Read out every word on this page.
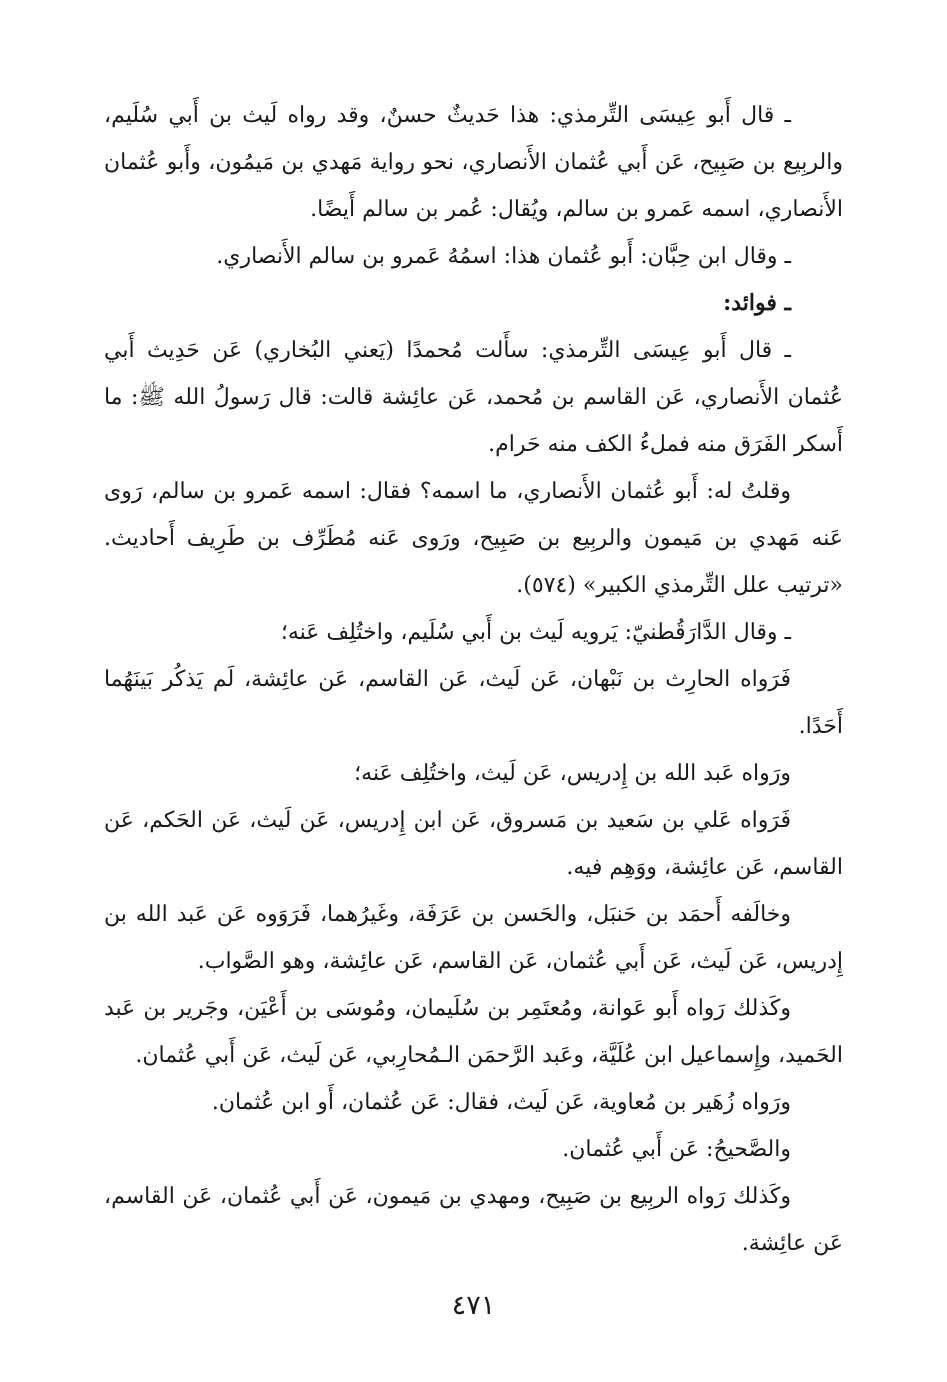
ـ قال أَبو عِيسَى التِّرمذي: هذا حَديثٌ حسنٌ، وقد رواه لَيث بن أَبي سُلَيم، والربِيع بن صَبِيح، عَن أَبي عُثمان الأَنصاري، نحو رواية مَهدي بن مَيمُون، وأَبو عُثمان الأَنصاري، اسمه عَمرو بن سالم، ويُقال: عُمر بن سالم أَيضًا.

ـ وقال ابن حِبَّان: أَبو عُثمان هذا: اسمُهُ عَمرو بن سالم الأَنصاري.

ـ فوائد:

ـ قال أَبو عِيسَى التِّرمذي: سأَلت مُحمدًا (يَعني البُخاري) عَن حَدِيث أَبي عُثمان الأَنصاري، عَن القاسم بن مُحمد، عَن عائِشة قالت: قال رَسولُ الله ﷺ: ما أَسكر الفَرَق منه فملءُ الكف منه حَرام.

وقلتُ له: أَبو عُثمان الأَنصاري، ما اسمه؟ فقال: اسمه عَمرو بن سالم، رَوى عَنه مَهدي بن مَيمون والربِيع بن صَبِيح، ورَوى عَنه مُطَرِّف بن طَرِيف أَحاديث. «ترتيب علل التِّرمذي الكبير» (٥٧٤).

ـ وقال الدَّارَقُطنيّ: يَرويه لَيث بن أَبي سُلَيم، واختُلِف عَنه؛

فَرَواه الحارِث بن نَبْهان، عَن لَيث، عَن القاسم، عَن عائِشة، لَم يَذكُر بَينَهُما أَحَدًا.

ورَواه عَبد الله بن إِدريس، عَن لَيث، واختُلِف عَنه؛

فَرَواه عَلي بن سَعيد بن مَسروق، عَن ابن إِدريس، عَن لَيث، عَن الحَكم، عَن القاسم، عَن عائِشة، ووَهِم فيه.

وخالَفه أَحمَد بن حَنبَل، والحَسن بن عَرَفَة، وغَيرُهما، فَرَوَوه عَن عَبد الله بن إِدريس، عَن لَيث، عَن أَبي عُثمان، عَن القاسم، عَن عائِشة، وهو الصَّواب.

وكَذلك رَواه أَبو عَوانة، ومُعتَمِر بن سُلَيمان، ومُوسَى بن أَعْيَن، وجَرير بن عَبد الحَميد، وإِسماعيل ابن عُلَيَّة، وعَبد الرَّحمَن الـمُحارِبي، عَن لَيث، عَن أَبي عُثمان.

ورَواه زُهَير بن مُعاوية، عَن لَيث، فقال: عَن عُثمان، أَو ابن عُثمان.

والصَّحيحُ: عَن أَبي عُثمان.

وكَذلك رَواه الربِيع بن صَبِيح، ومهدي بن مَيمون، عَن أَبي عُثمان، عَن القاسم، عَن عائِشة.

٤٧١
